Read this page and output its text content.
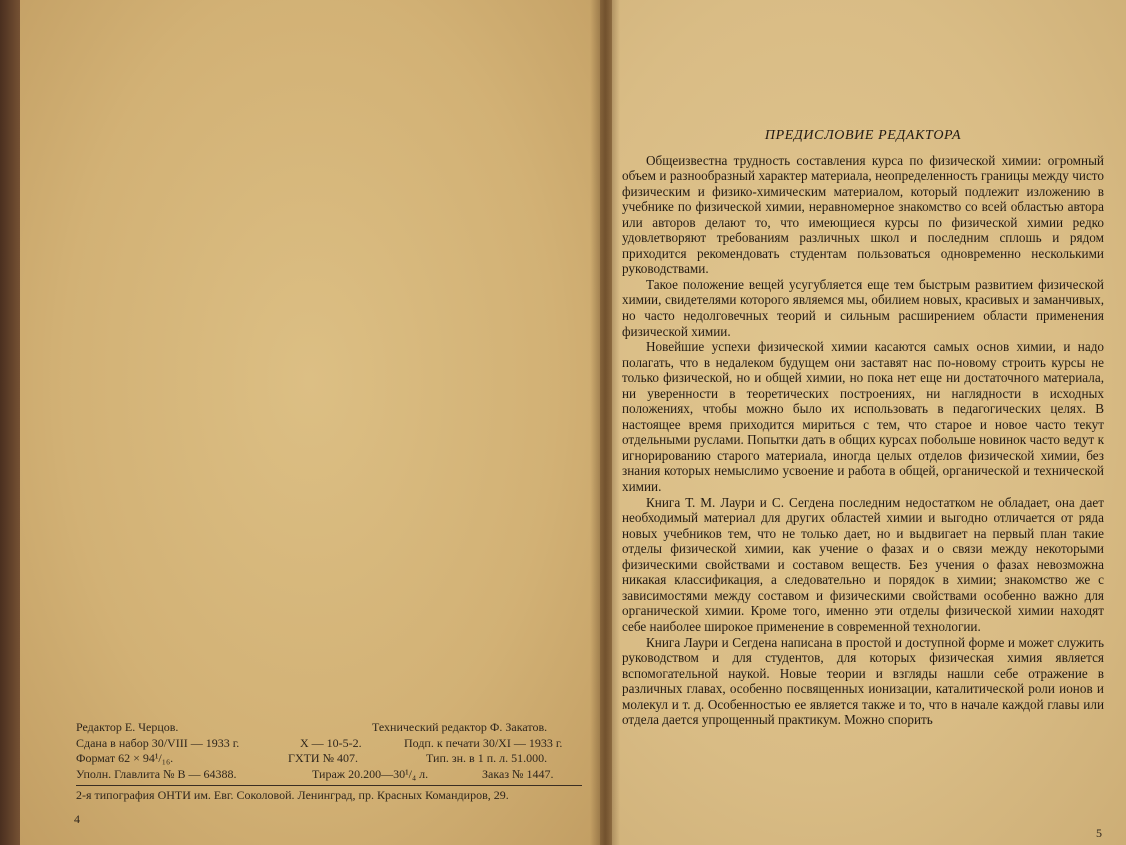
Редактор Е. Черцов.	Технический редактор Ф. Закатов.
Сдана в набор 30/VIII — 1933 г.	Х — 10-5-2.	Подп. к печати 30/XI — 1933 г.
Формат 62 × 94¹/₁₆.	ГХТИ № 407.	Тип. зн. в 1 п. л. 51.000.
Уполн. Главлита № В — 64388.	Тираж 20.200—30¹/₄ л.	Заказ № 1447.
2-я типография ОНТИ им. Евг. Соколовой. Ленинград, пр. Красных Командиров, 29.
4
ПРЕДИСЛОВИЕ РЕДАКТОРА

Общеизвестна трудность составления курса по физической химии: огромный объем и разнообразный характер материала, неопределенность границы между чисто физическим и физико-химическим материалом, который подлежит изложению в учебнике по физической химии, неравномерное знакомство со всей областью автора или авторов делают то, что имеющиеся курсы по физической химии редко удовлетворяют требованиям различных школ и последним сплошь и рядом приходится рекомендовать студентам пользоваться одновременно несколькими руководствами.

Такое положение вещей усугубляется еще тем быстрым развитием физической химии, свидетелями которого являемся мы, обилием новых, красивых и заманчивых, но часто недолговечных теорий и сильным расширением области применения физической химии.

Новейшие успехи физической химии касаются самых основ химии, и надо полагать, что в недалеком будущем они заставят нас по-новому строить курсы не только физической, но и общей химии, но пока нет еще ни достаточного материала, ни уверенности в теоретических построениях, ни наглядности в исходных положениях, чтобы можно было их использовать в педагогических целях. В настоящее время приходится мириться с тем, что старое и новое часто текут отдельными руслами. Попытки дать в общих курсах побольше новинок часто ведут к игнорированию старого материала, иногда целых отделов физической химии, без знания которых немыслимо усвоение и работа в общей, органической и технической химии.

Книга Т. М. Лаури и С. Сегдена последним недостатком не обладает, она дает необходимый материал для других областей химии и выгодно отличается от ряда новых учебников тем, что не только дает, но и выдвигает на первый план такие отделы физической химии, как учение о фазах и о связи между некоторыми физическими свойствами и составом веществ. Без учения о фазах невозможна никакая классификация, а следовательно и порядок в химии; знакомство же с зависимостями между составом и физическими свойствами особенно важно для органической химии. Кроме того, именно эти отделы физической химии находят себе наиболее широкое применение в современной технологии.

Книга Лаури и Сегдена написана в простой и доступной форме и может служить руководством и для студентов, для которых физическая химия является вспомогательной наукой. Новые теории и взгляды нашли себе отражение в различных главах, особенно посвященных ионизации, каталитической роли ионов и молекул и т. д. Особенностью ее является также и то, что в начале каждой главы или отдела дается упрощенный практикум. Можно спорить

5
